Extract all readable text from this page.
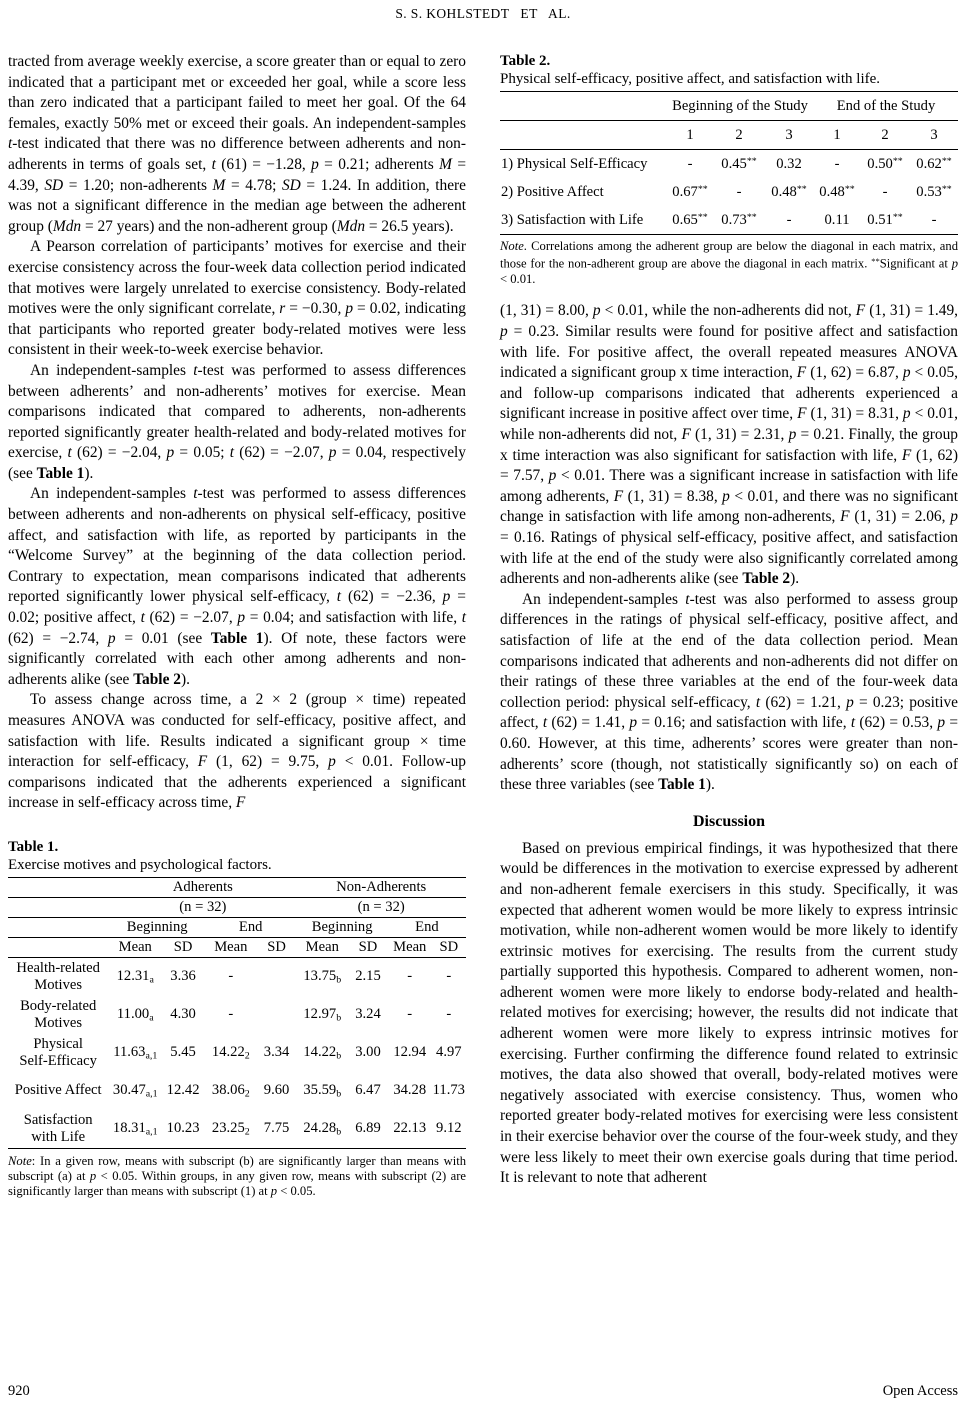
S. S. KOHLSTEDT   ET   AL.

tracted from average weekly exercise, a score greater than or equal to zero indicated that a participant met or exceeded her goal, while a score less than zero indicated that a participant failed to meet her goal. Of the 64 females, exactly 50% met or exceed their goals. An independent-samples t-test indicated that there was no difference between adherents and non-adherents in terms of goals set, t (61) = −1.28, p = 0.21; adherents M = 4.39, SD = 1.20; non-adherents M = 4.78; SD = 1.24. In addition, there was not a significant difference in the median age between the adherent group (Mdn = 27 years) and the non-adherent group (Mdn = 26.5 years).

A Pearson correlation of participants’ motives for exercise and their exercise consistency across the four-week data collection period indicated that motives were largely unrelated to exercise consistency. Body-related motives were the only significant correlate, r = −0.30, p = 0.02, indicating that participants who reported greater body-related motives were less consistent in their week-to-week exercise behavior.

An independent-samples t-test was performed to assess differences between adherents’ and non-adherents’ motives for exercise. Mean comparisons indicated that compared to adherents, non-adherents reported significantly greater health-related and body-related motives for exercise, t (62) = −2.04, p = 0.05; t (62) = −2.07, p = 0.04, respectively (see Table 1).

An independent-samples t-test was performed to assess differences between adherents and non-adherents on physical self-efficacy, positive affect, and satisfaction with life, as reported by participants in the “Welcome Survey” at the beginning of the data collection period. Contrary to expectation, mean comparisons indicated that adherents reported significantly lower physical self-efficacy, t (62) = −2.36, p = 0.02; positive affect, t (62) = −2.07, p = 0.04; and satisfaction with life, t (62) = −2.74, p = 0.01 (see Table 1). Of note, these factors were significantly correlated with each other among adherents and non-adherents alike (see Table 2).

To assess change across time, a 2 × 2 (group × time) repeated measures ANOVA was conducted for self-efficacy, positive affect, and satisfaction with life. Results indicated a significant group × time interaction for self-efficacy, F (1, 62) = 9.75, p < 0.01. Follow-up comparisons indicated that the adherents experienced a significant increase in self-efficacy across time, F

Table 1.
Exercise motives and psychological factors.
	Adherents				Non-Adherents			
	(n = 32)				(n = 32)			
	Beginning		End		Beginning		End	
	Mean	SD	Mean	SD	Mean	SD	Mean	SD
Health-related
Motives	$12.31_a$	3.36	-		$13.75_b$	2.15	-	-
Body-related
Motives	$11.00_a$	4.30	-		$12.97_b$	3.24	-	-
Physical
Self-Efficacy	$11.63_{a,1}$	5.45	$14.22_2$	3.34	$14.22_b$	3.00	12.94	4.97
Positive Affect	$30.47_{a,1}$	12.42	$38.06_2$	9.60	$35.59_b$	6.47	34.28	11.73
Satisfaction
with Life	$18.31_{a,1}$	10.23	$23.25_2$	7.75	$24.28_b$	6.89	22.13	9.12
Note: In a given row, means with subscript (b) are significantly larger than means with subscript (a) at p < 0.05. Within groups, in any given row, means with subscript (2) are significantly larger than means with subscript (1) at p < 0.05.
Table 2.
Physical self-efficacy, positive affect, and satisfaction with life.
	Beginning of the Study			End of the Study		
	1	2	3	1	2	3
1) Physical Self-Efficacy	-	0.45**	0.32	-	0.50**	0.62**
2) Positive Affect	0.67**	-	0.48**	0.48**	-	0.53**
3) Satisfaction with Life	0.65**	0.73**	-	0.11	0.51**	-
Note. Correlations among the adherent group are below the diagonal in each matrix, and those for the non-adherent group are above the diagonal in each matrix. **Significant at p < 0.01.

(1, 31) = 8.00, p < 0.01, while the non-adherents did not, F (1, 31) = 1.49, p = 0.23. Similar results were found for positive affect and satisfaction with life. For positive affect, the overall repeated measures ANOVA indicated a significant group x time interaction, F (1, 62) = 6.87, p < 0.05, and follow-up comparisons indicated that adherents experienced a significant increase in positive affect over time, F (1, 31) = 8.31, p < 0.01, while non-adherents did not, F (1, 31) = 2.31, p = 0.21. Finally, the group x time interaction was also significant for satisfaction with life, F (1, 62) = 7.57, p < 0.01. There was a significant increase in satisfaction with life among adherents, F (1, 31) = 8.38, p < 0.01, and there was no significant change in satisfaction with life among non-adherents, F (1, 31) = 2.06, p = 0.16. Ratings of physical self-efficacy, positive affect, and satisfaction with life at the end of the study were also significantly correlated among adherents and non-adherents alike (see Table 2).

An independent-samples t-test was also performed to assess group differences in the ratings of physical self-efficacy, positive affect, and satisfaction of life at the end of the data collection period. Mean comparisons indicated that adherents and non-adherents did not differ on their ratings of these three variables at the end of the four-week data collection period: physical self-efficacy, t (62) = 1.21, p = 0.23; positive affect, t (62) = 1.41, p = 0.16; and satisfaction with life, t (62) = 0.53, p = 0.60. However, at this time, adherents’ scores were greater than non-adherents’ score (though, not statistically significantly so) on each of these three variables (see Table 1).

Discussion

Based on previous empirical findings, it was hypothesized that there would be differences in the motivation to exercise expressed by adherent and non-adherent female exercisers in this study. Specifically, it was expected that adherent women would be more likely to express intrinsic motivation, while non-adherent women would be more likely to identify extrinsic motives for exercising. The results from the current study partially supported this hypothesis. Compared to adherent women, non-adherent women were more likely to endorse body-related and health-related motives for exercising; however, the results did not indicate that adherent women were more likely to express intrinsic motives for exercising. Further confirming the difference found related to extrinsic motives, the data also showed that overall, body-related motives were negatively associated with exercise consistency. Thus, women who reported greater body-related motives for exercising were less consistent in their exercise behavior over the course of the four-week study, and they were less likely to meet their own exercise goals during that time period. It is relevant to note that adherent

920	Open Access
